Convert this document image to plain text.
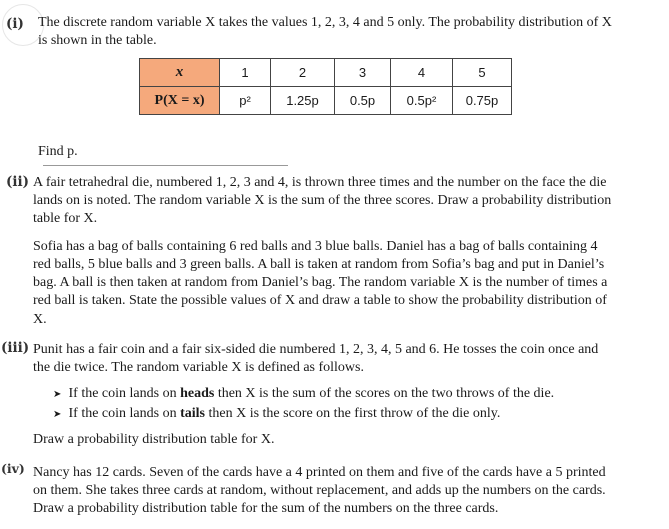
(i) The discrete random variable X takes the values 1, 2, 3, 4 and 5 only. The probability distribution of X
is shown in the table.
x	1	2	3	4	5
P(X = x)	p²	1.25p	0.5p	0.5p²	0.75p
Find p.
(ii) A fair tetrahedral die, numbered 1, 2, 3 and 4, is thrown three times and the number on the face the die
lands on is noted. The random variable X is the sum of the three scores. Draw a probability distribution
table for X.
Sofia has a bag of balls containing 6 red balls and 3 blue balls. Daniel has a bag of balls containing 4
red balls, 5 blue balls and 3 green balls. A ball is taken at random from Sofia’s bag and put in Daniel’s
bag. A ball is then taken at random from Daniel’s bag. The random variable X is the number of times a
red ball is taken. State the possible values of X and draw a table to show the probability distribution of
X.
(iii) Punit has a fair coin and a fair six-sided die numbered 1, 2, 3, 4, 5 and 6. He tosses the coin once and
the die twice. The random variable X is defined as follows.
➤ If the coin lands on heads then X is the sum of the scores on the two throws of the die.
➤ If the coin lands on tails then X is the score on the first throw of the die only.
Draw a probability distribution table for X.
(iv) Nancy has 12 cards. Seven of the cards have a 4 printed on them and five of the cards have a 5 printed
on them. She takes three cards at random, without replacement, and adds up the numbers on the cards.
Draw a probability distribution table for the sum of the numbers on the three cards.
